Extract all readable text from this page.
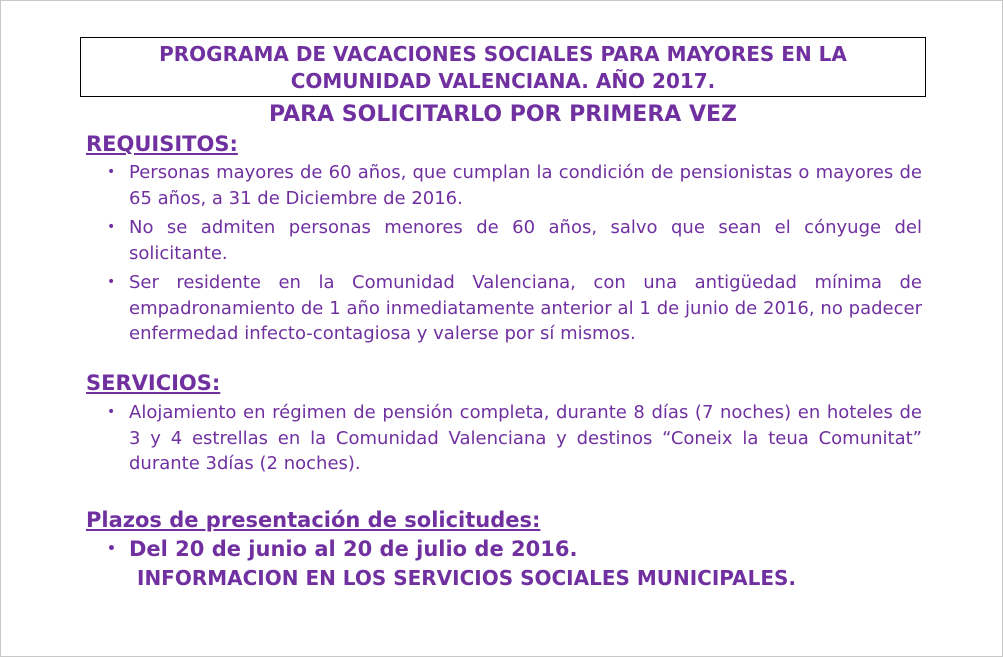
PROGRAMA DE VACACIONES SOCIALES PARA MAYORES EN LA
COMUNIDAD VALENCIANA. AÑO 2017.
PARA SOLICITARLO POR PRIMERA VEZ
REQUISITOS:
• Personas mayores de 60 años, que cumplan la condición de pensionistas o mayores de 65 años, a 31 de Diciembre de 2016.
• No se admiten personas menores de 60 años, salvo que sean el cónyuge del solicitante.
• Ser residente en la Comunidad Valenciana, con una antigüedad mínima de empadronamiento de 1 año inmediatamente anterior al 1 de junio de 2016, no padecer enfermedad infecto-contagiosa y valerse por sí mismos.
SERVICIOS:
• Alojamiento en régimen de pensión completa, durante 8 días (7 noches) en hoteles de 3 y 4 estrellas en la Comunidad Valenciana y destinos “Coneix la teua Comunitat” durante 3días (2 noches).
Plazos de presentación de solicitudes:
• Del 20 de junio al 20 de julio de 2016.
INFORMACION EN LOS SERVICIOS SOCIALES MUNICIPALES.
